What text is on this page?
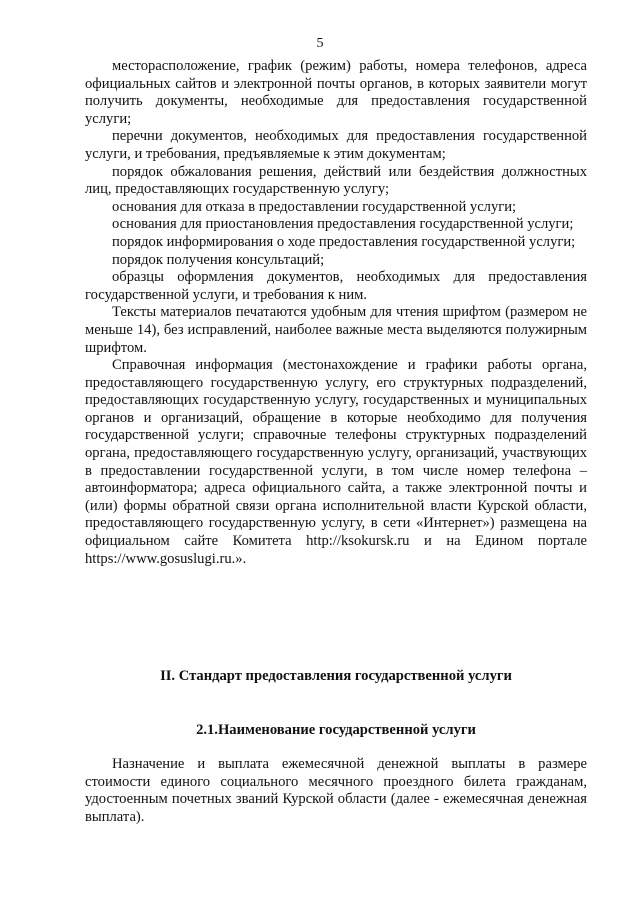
5

месторасположение, график (режим) работы, номера телефонов, адреса официальных сайтов и электронной почты органов, в которых заявители могут получить документы, необходимые для предоставления государственной услуги;

перечни документов, необходимых для предоставления государственной услуги, и требования, предъявляемые к этим документам;

порядок обжалования решения, действий или бездействия должностных лиц, предоставляющих государственную услугу;

основания для отказа в предоставлении государственной услуги;

основания для приостановления предоставления государственной услуги;

порядок информирования о ходе предоставления государственной услуги;

порядок получения консультаций;

образцы оформления документов, необходимых для предоставления государственной услуги, и требования к ним.

Тексты материалов печатаются удобным для чтения шрифтом (размером не меньше 14), без исправлений, наиболее важные места выделяются полужирным шрифтом.

Справочная информация (местонахождение и графики работы органа, предоставляющего государственную услугу, его структурных подразделений, предоставляющих государственную услугу, государственных и муниципальных органов и организаций, обращение в которые необходимо для получения государственной услуги; справочные телефоны структурных подразделений органа, предоставляющего государственную услугу, организаций, участвующих в предоставлении государственной услуги, в том числе номер телефона – автоинформатора; адреса официального сайта, а также электронной почты и (или) формы обратной связи органа исполнительной власти Курской области, предоставляющего государственную услугу, в сети «Интернет») размещена на официальном сайте Комитета http://ksokursk.ru и на Едином портале https://www.gosuslugi.ru.».

II. Стандарт предоставления государственной услуги
2.1.Наименование государственной услуги

Назначение и выплата ежемесячной денежной выплаты в размере стоимости единого социального месячного проездного билета гражданам, удостоенным почетных званий Курской области (далее - ежемесячная денежная выплата).
